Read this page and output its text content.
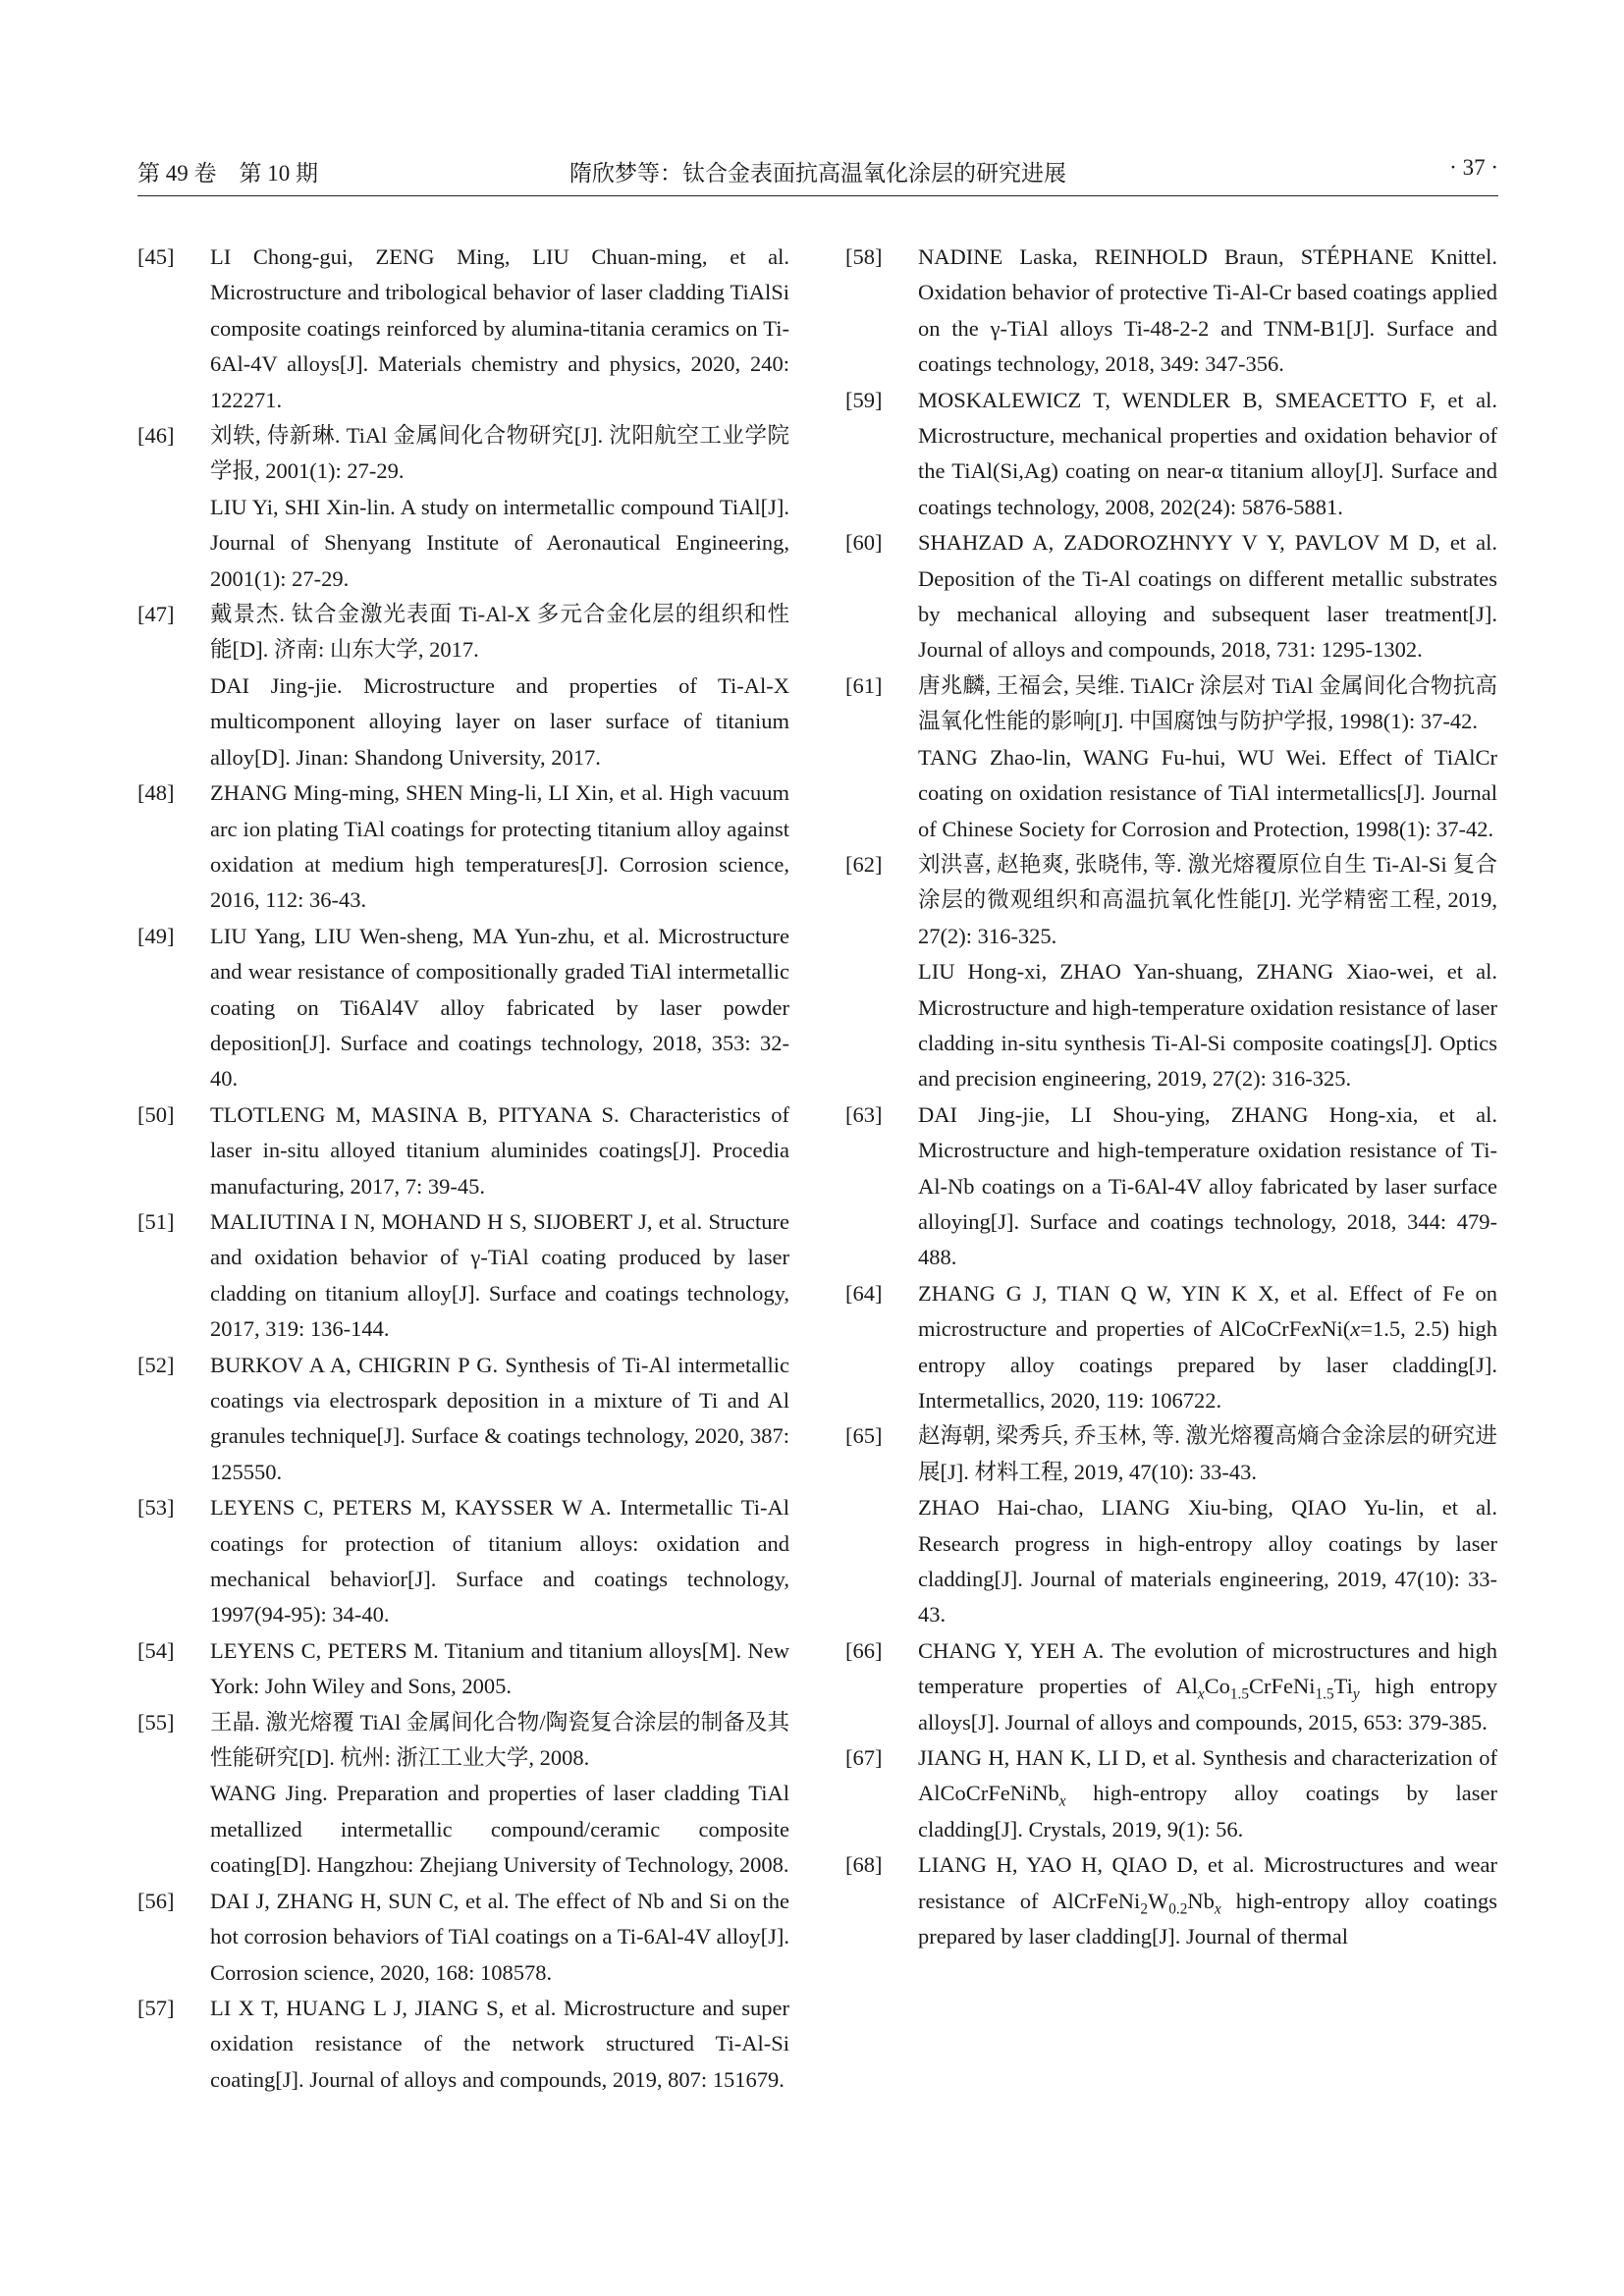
第 49 卷　第 10 期	隋欣梦等：钛合金表面抗高温氧化涂层的研究进展	· 37 ·
[45] LI Chong-gui, ZENG Ming, LIU Chuan-ming, et al. Microstructure and tribological behavior of laser cladding TiAlSi composite coatings reinforced by alumina-titania ceramics on Ti-6Al-4V alloys[J]. Materials chemistry and physics, 2020, 240: 122271.
[46] 刘轶, 侍新琳. TiAl 金属间化合物研究[J]. 沈阳航空工业学院学报, 2001(1): 27-29.
LIU Yi, SHI Xin-lin. A study on intermetallic compound TiAl[J]. Journal of Shenyang Institute of Aeronautical Engineering, 2001(1): 27-29.
[47] 戴景杰. 钛合金激光表面 Ti-Al-X 多元合金化层的组织和性能[D]. 济南: 山东大学, 2017.
DAI Jing-jie. Microstructure and properties of Ti-Al-X multicomponent alloying layer on laser surface of titanium alloy[D]. Jinan: Shandong University, 2017.
[48] ZHANG Ming-ming, SHEN Ming-li, LI Xin, et al. High vacuum arc ion plating TiAl coatings for protecting titanium alloy against oxidation at medium high temperatures[J]. Corrosion science, 2016, 112: 36-43.
[49] LIU Yang, LIU Wen-sheng, MA Yun-zhu, et al. Microstructure and wear resistance of compositionally graded TiAl intermetallic coating on Ti6Al4V alloy fabricated by laser powder deposition[J]. Surface and coatings technology, 2018, 353: 32-40.
[50] TLOTLENG M, MASINA B, PITYANA S. Characteristics of laser in-situ alloyed titanium aluminides coatings[J]. Procedia manufacturing, 2017, 7: 39-45.
[51] MALIUTINA I N, MOHAND H S, SIJOBERT J, et al. Structure and oxidation behavior of γ-TiAl coating produced by laser cladding on titanium alloy[J]. Surface and coatings technology, 2017, 319: 136-144.
[52] BURKOV A A, CHIGRIN P G. Synthesis of Ti-Al intermetallic coatings via electrospark deposition in a mixture of Ti and Al granules technique[J]. Surface & coatings technology, 2020, 387: 125550.
[53] LEYENS C, PETERS M, KAYSSER W A. Intermetallic Ti-Al coatings for protection of titanium alloys: oxidation and mechanical behavior[J]. Surface and coatings technology, 1997(94-95): 34-40.
[54] LEYENS C, PETERS M. Titanium and titanium alloys[M]. New York: John Wiley and Sons, 2005.
[55] 王晶. 激光熔覆 TiAl 金属间化合物/陶瓷复合涂层的制备及其性能研究[D]. 杭州: 浙江工业大学, 2008.
WANG Jing. Preparation and properties of laser cladding TiAl metallized intermetallic compound/ceramic composite coating[D]. Hangzhou: Zhejiang University of Technology, 2008.
[56] DAI J, ZHANG H, SUN C, et al. The effect of Nb and Si on the hot corrosion behaviors of TiAl coatings on a Ti-6Al-4V alloy[J]. Corrosion science, 2020, 168: 108578.
[57] LI X T, HUANG L J, JIANG S, et al. Microstructure and super oxidation resistance of the network structured Ti-Al-Si coating[J]. Journal of alloys and compounds, 2019, 807: 151679.
[58] NADINE Laska, REINHOLD Braun, STÉPHANE Knittel. Oxidation behavior of protective Ti-Al-Cr based coatings applied on the γ-TiAl alloys Ti-48-2-2 and TNM-B1[J]. Surface and coatings technology, 2018, 349: 347-356.
[59] MOSKALEWICZ T, WENDLER B, SMEACETTO F, et al. Microstructure, mechanical properties and oxidation behavior of the TiAl(Si,Ag) coating on near-α titanium alloy[J]. Surface and coatings technology, 2008, 202(24): 5876-5881.
[60] SHAHZAD A, ZADOROZHNYY V Y, PAVLOV M D, et al. Deposition of the Ti-Al coatings on different metallic substrates by mechanical alloying and subsequent laser treatment[J]. Journal of alloys and compounds, 2018, 731: 1295-1302.
[61] 唐兆麟, 王福会, 吴维. TiAlCr 涂层对 TiAl 金属间化合物抗高温氧化性能的影响[J]. 中国腐蚀与防护学报, 1998(1): 37-42.
TANG Zhao-lin, WANG Fu-hui, WU Wei. Effect of TiAlCr coating on oxidation resistance of TiAl intermetallics[J]. Journal of Chinese Society for Corrosion and Protection, 1998(1): 37-42.
[62] 刘洪喜, 赵艳爽, 张晓伟, 等. 激光熔覆原位自生 Ti-Al-Si 复合涂层的微观组织和高温抗氧化性能[J]. 光学精密工程, 2019, 27(2): 316-325.
LIU Hong-xi, ZHAO Yan-shuang, ZHANG Xiao-wei, et al. Microstructure and high-temperature oxidation resistance of laser cladding in-situ synthesis Ti-Al-Si composite coatings[J]. Optics and precision engineering, 2019, 27(2): 316-325.
[63] DAI Jing-jie, LI Shou-ying, ZHANG Hong-xia, et al. Microstructure and high-temperature oxidation resistance of Ti-Al-Nb coatings on a Ti-6Al-4V alloy fabricated by laser surface alloying[J]. Surface and coatings technology, 2018, 344: 479-488.
[64] ZHANG G J, TIAN Q W, YIN K X, et al. Effect of Fe on microstructure and properties of AlCoCrFexNi(x=1.5, 2.5) high entropy alloy coatings prepared by laser cladding[J]. Intermetallics, 2020, 119: 106722.
[65] 赵海朝, 梁秀兵, 乔玉林, 等. 激光熔覆高熵合金涂层的研究进展[J]. 材料工程, 2019, 47(10): 33-43.
ZHAO Hai-chao, LIANG Xiu-bing, QIAO Yu-lin, et al. Research progress in high-entropy alloy coatings by laser cladding[J]. Journal of materials engineering, 2019, 47(10): 33-43.
[66] CHANG Y, YEH A. The evolution of microstructures and high temperature properties of $Al_xCo_{1.5}CrFeNi_{1.5}Ti_y$ high entropy alloys[J]. Journal of alloys and compounds, 2015, 653: 379-385.
[67] JIANG H, HAN K, LI D, et al. Synthesis and characterization of AlCoCrFeNiNb$_x$ high-entropy alloy coatings by laser cladding[J]. Crystals, 2019, 9(1): 56.
[68] LIANG H, YAO H, QIAO D, et al. Microstructures and wear resistance of $AlCrFeNi_2W_{0.2}Nb_x$ high-entropy alloy coatings prepared by laser cladding[J]. Journal of thermal
